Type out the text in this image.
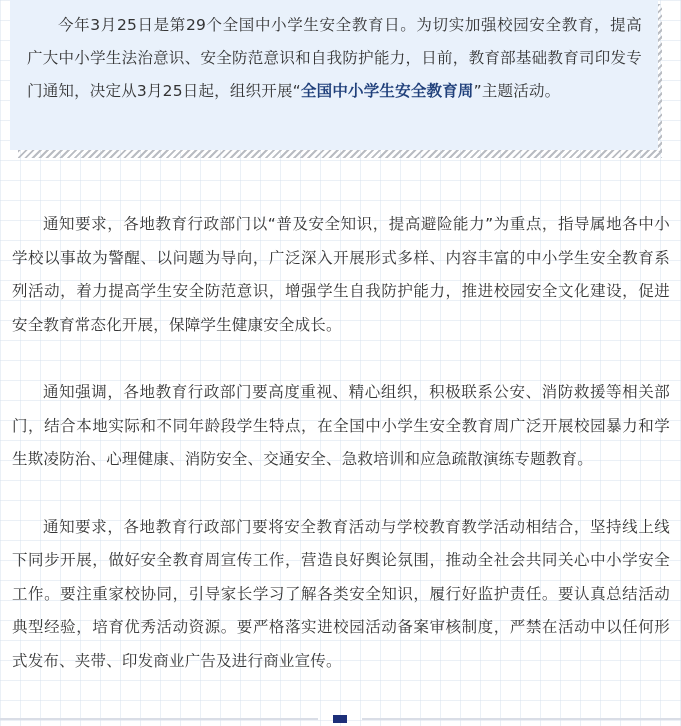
今年3月25日是第29个全国中小学生安全教育日。为切实加强校园安全教育，提高广大中小学生法治意识、安全防范意识和自我防护能力，日前，教育部基础教育司印发专门通知，决定从3月25日起，组织开展“全国中小学生安全教育周”主题活动。

通知要求，各地教育行政部门以“普及安全知识，提高避险能力”为重点，指导属地各中小学校以事故为警醒、以问题为导向，广泛深入开展形式多样、内容丰富的中小学生安全教育系列活动，着力提高学生安全防范意识，增强学生自我防护能力，推进校园安全文化建设，促进安全教育常态化开展，保障学生健康安全成长。

通知强调，各地教育行政部门要高度重视、精心组织，积极联系公安、消防救援等相关部门，结合本地实际和不同年龄段学生特点，在全国中小学生安全教育周广泛开展校园暴力和学生欺凌防治、心理健康、消防安全、交通安全、急救培训和应急疏散演练专题教育。

通知要求，各地教育行政部门要将安全教育活动与学校教育教学活动相结合，坚持线上线下同步开展，做好安全教育周宣传工作，营造良好舆论氛围，推动全社会共同关心中小学安全工作。要注重家校协同，引导家长学习了解各类安全知识，履行好监护责任。要认真总结活动典型经验，培育优秀活动资源。要严格落实进校园活动备案审核制度，严禁在活动中以任何形式发布、夹带、印发商业广告及进行商业宣传。
